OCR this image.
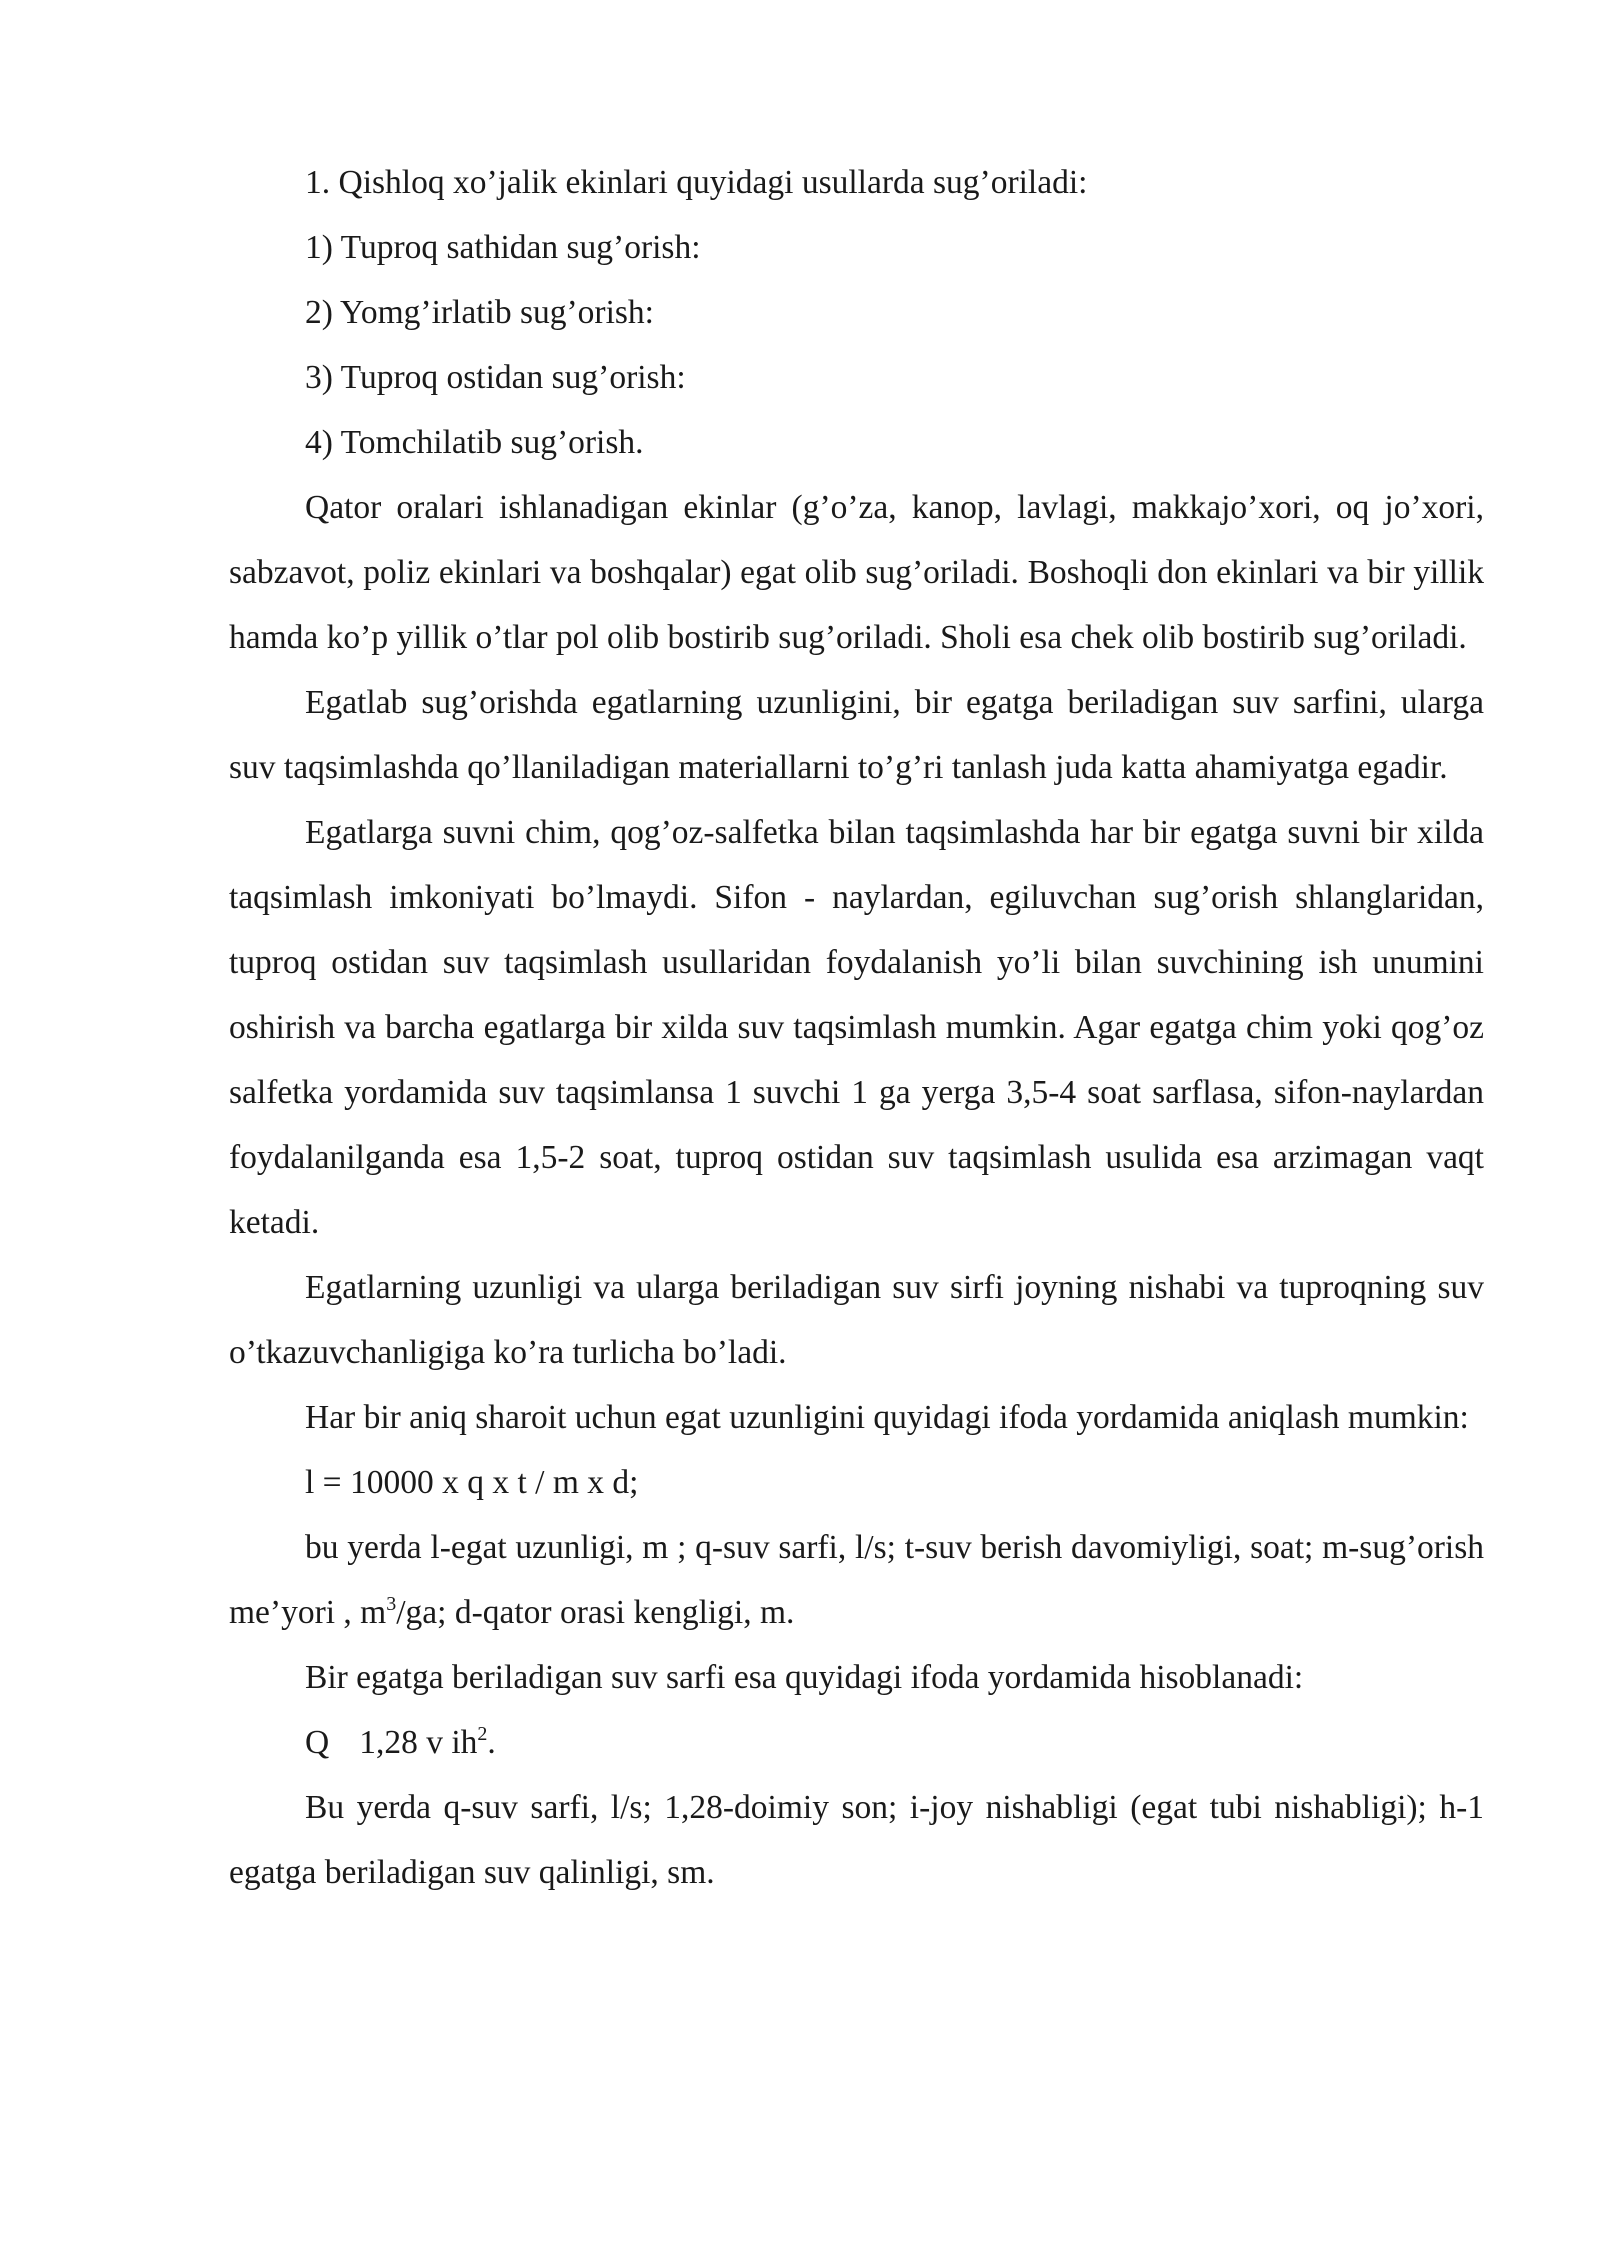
1. Qishloq xo’jalik ekinlari quyidagi usullarda sug’oriladi:
1) Tuproq sathidan sug’orish:
2) Yomg’irlatib sug’orish:
3) Tuproq ostidan sug’orish:
4) Tomchilatib sug’orish.

Qator oralari ishlanadigan ekinlar (g’o’za, kanop, lavlagi, makkajo’xori, oq jo’xori, sabzavot, poliz ekinlari va boshqalar) egat olib sug’oriladi. Boshoqli don ekinlari va bir yillik hamda ko’p yillik o’tlar pol olib bostirib sug’oriladi. Sholi esa chek olib bostirib sug’oriladi.

Egatlab sug’orishda egatlarning uzunligini, bir egatga beriladigan suv sarfini, ularga suv taqsimlashda qo’llaniladigan materiallarni to’g’ri tanlash juda katta ahamiyatga egadir.

Egatlarga suvni chim, qog’oz-salfetka bilan taqsimlashda har bir egatga suvni bir xilda taqsimlash imkoniyati bo’lmaydi. Sifon - naylardan, egiluvchan sug’orish shlanglaridan, tuproq ostidan suv taqsimlash usullaridan foydalanish yo’li bilan suvchining ish unumini oshirish va barcha egatlarga bir xilda suv taqsimlash mumkin. Agar egatga chim yoki qog’oz salfetka yordamida suv taqsimlansa 1 suvchi 1 ga yerga 3,5-4 soat sarflasa, sifon-naylardan foydalanilganda esa 1,5-2 soat, tuproq ostidan suv taqsimlash usulida esa arzimagan vaqt ketadi.

Egatlarning uzunligi va ularga beriladigan suv sirfi joyning nishabi va tuproqning suv o’tkazuvchanligiga ko’ra turlicha bo’ladi.

Har bir aniq sharoit uchun egat uzunligini quyidagi ifoda yordamida aniqlash mumkin:

l = 10000 x q x t / m x d;

bu yerda l-egat uzunligi, m ; q-suv sarfi, l/s; t-suv berish davomiyligi, soat; m-sug’orish me’yori , $m^3/ga$; d-qator orasi kengligi, m.

Bir egatga beriladigan suv sarfi esa quyidagi ifoda yordamida hisoblanadi:

Q 1,28 v $ih^2$.

Bu yerda q-suv sarfi, l/s; 1,28-doimiy son; i-joy nishabligi (egat tubi nishabligi); h-1 egatga beriladigan suv qalinligi, sm.
